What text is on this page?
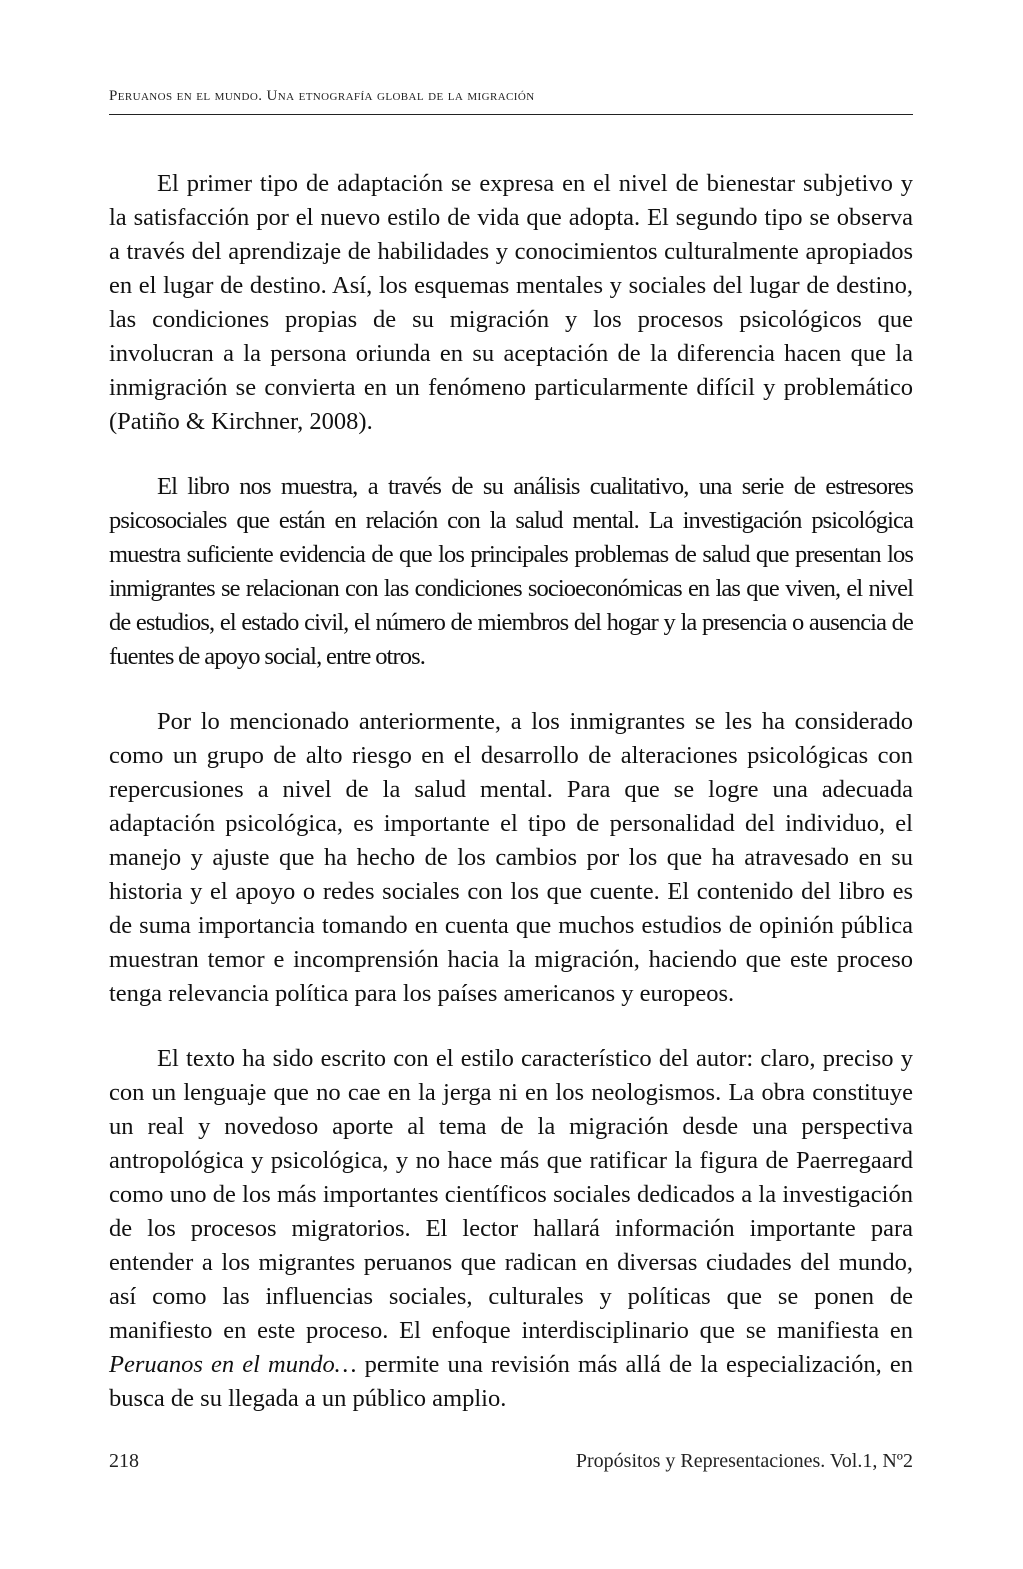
Peruanos en el mundo. Una etnografía global de la migración

El primer tipo de adaptación se expresa en el nivel de bienestar subjetivo y la satisfacción por el nuevo estilo de vida que adopta. El segundo tipo se observa a través del aprendizaje de habilidades y conocimientos culturalmente apropiados en el lugar de destino. Así, los esquemas mentales y sociales del lugar de destino, las condiciones propias de su migración y los procesos psicológicos que involucran a la persona oriunda en su aceptación de la diferencia hacen que la inmigración se convierta en un fenómeno particularmente difícil y problemático (Patiño & Kirchner, 2008).

El libro nos muestra, a través de su análisis cualitativo, una serie de estresores psicosociales que están en relación con la salud mental. La investigación psicológica muestra suficiente evidencia de que los principales problemas de salud que presentan los inmigrantes se relacionan con las condiciones socioeconómicas en las que viven, el nivel de estudios, el estado civil, el número de miembros del hogar y la presencia o ausencia de fuentes de apoyo social, entre otros.

Por lo mencionado anteriormente, a los inmigrantes se les ha considerado como un grupo de alto riesgo en el desarrollo de alteraciones psicológicas con repercusiones a nivel de la salud mental. Para que se logre una adecuada adaptación psicológica, es importante el tipo de personalidad del individuo, el manejo y ajuste que ha hecho de los cambios por los que ha atravesado en su historia y el apoyo o redes sociales con los que cuente. El contenido del libro es de suma importancia tomando en cuenta que muchos estudios de opinión pública muestran temor e incomprensión hacia la migración, haciendo que este proceso tenga relevancia política para los países americanos y europeos.

El texto ha sido escrito con el estilo característico del autor: claro, preciso y con un lenguaje que no cae en la jerga ni en los neologismos. La obra constituye un real y novedoso aporte al tema de la migración desde una perspectiva antropológica y psicológica, y no hace más que ratificar la figura de Paerregaard como uno de los más importantes científicos sociales dedicados a la investigación de los procesos migratorios. El lector hallará información importante para entender a los migrantes peruanos que radican en diversas ciudades del mundo, así como las influencias sociales, culturales y políticas que se ponen de manifiesto en este proceso. El enfoque interdisciplinario que se manifiesta en Peruanos en el mundo… permite una revisión más allá de la especialización, en busca de su llegada a un público amplio.

218	Propósitos y Representaciones. Vol.1, Nº2
